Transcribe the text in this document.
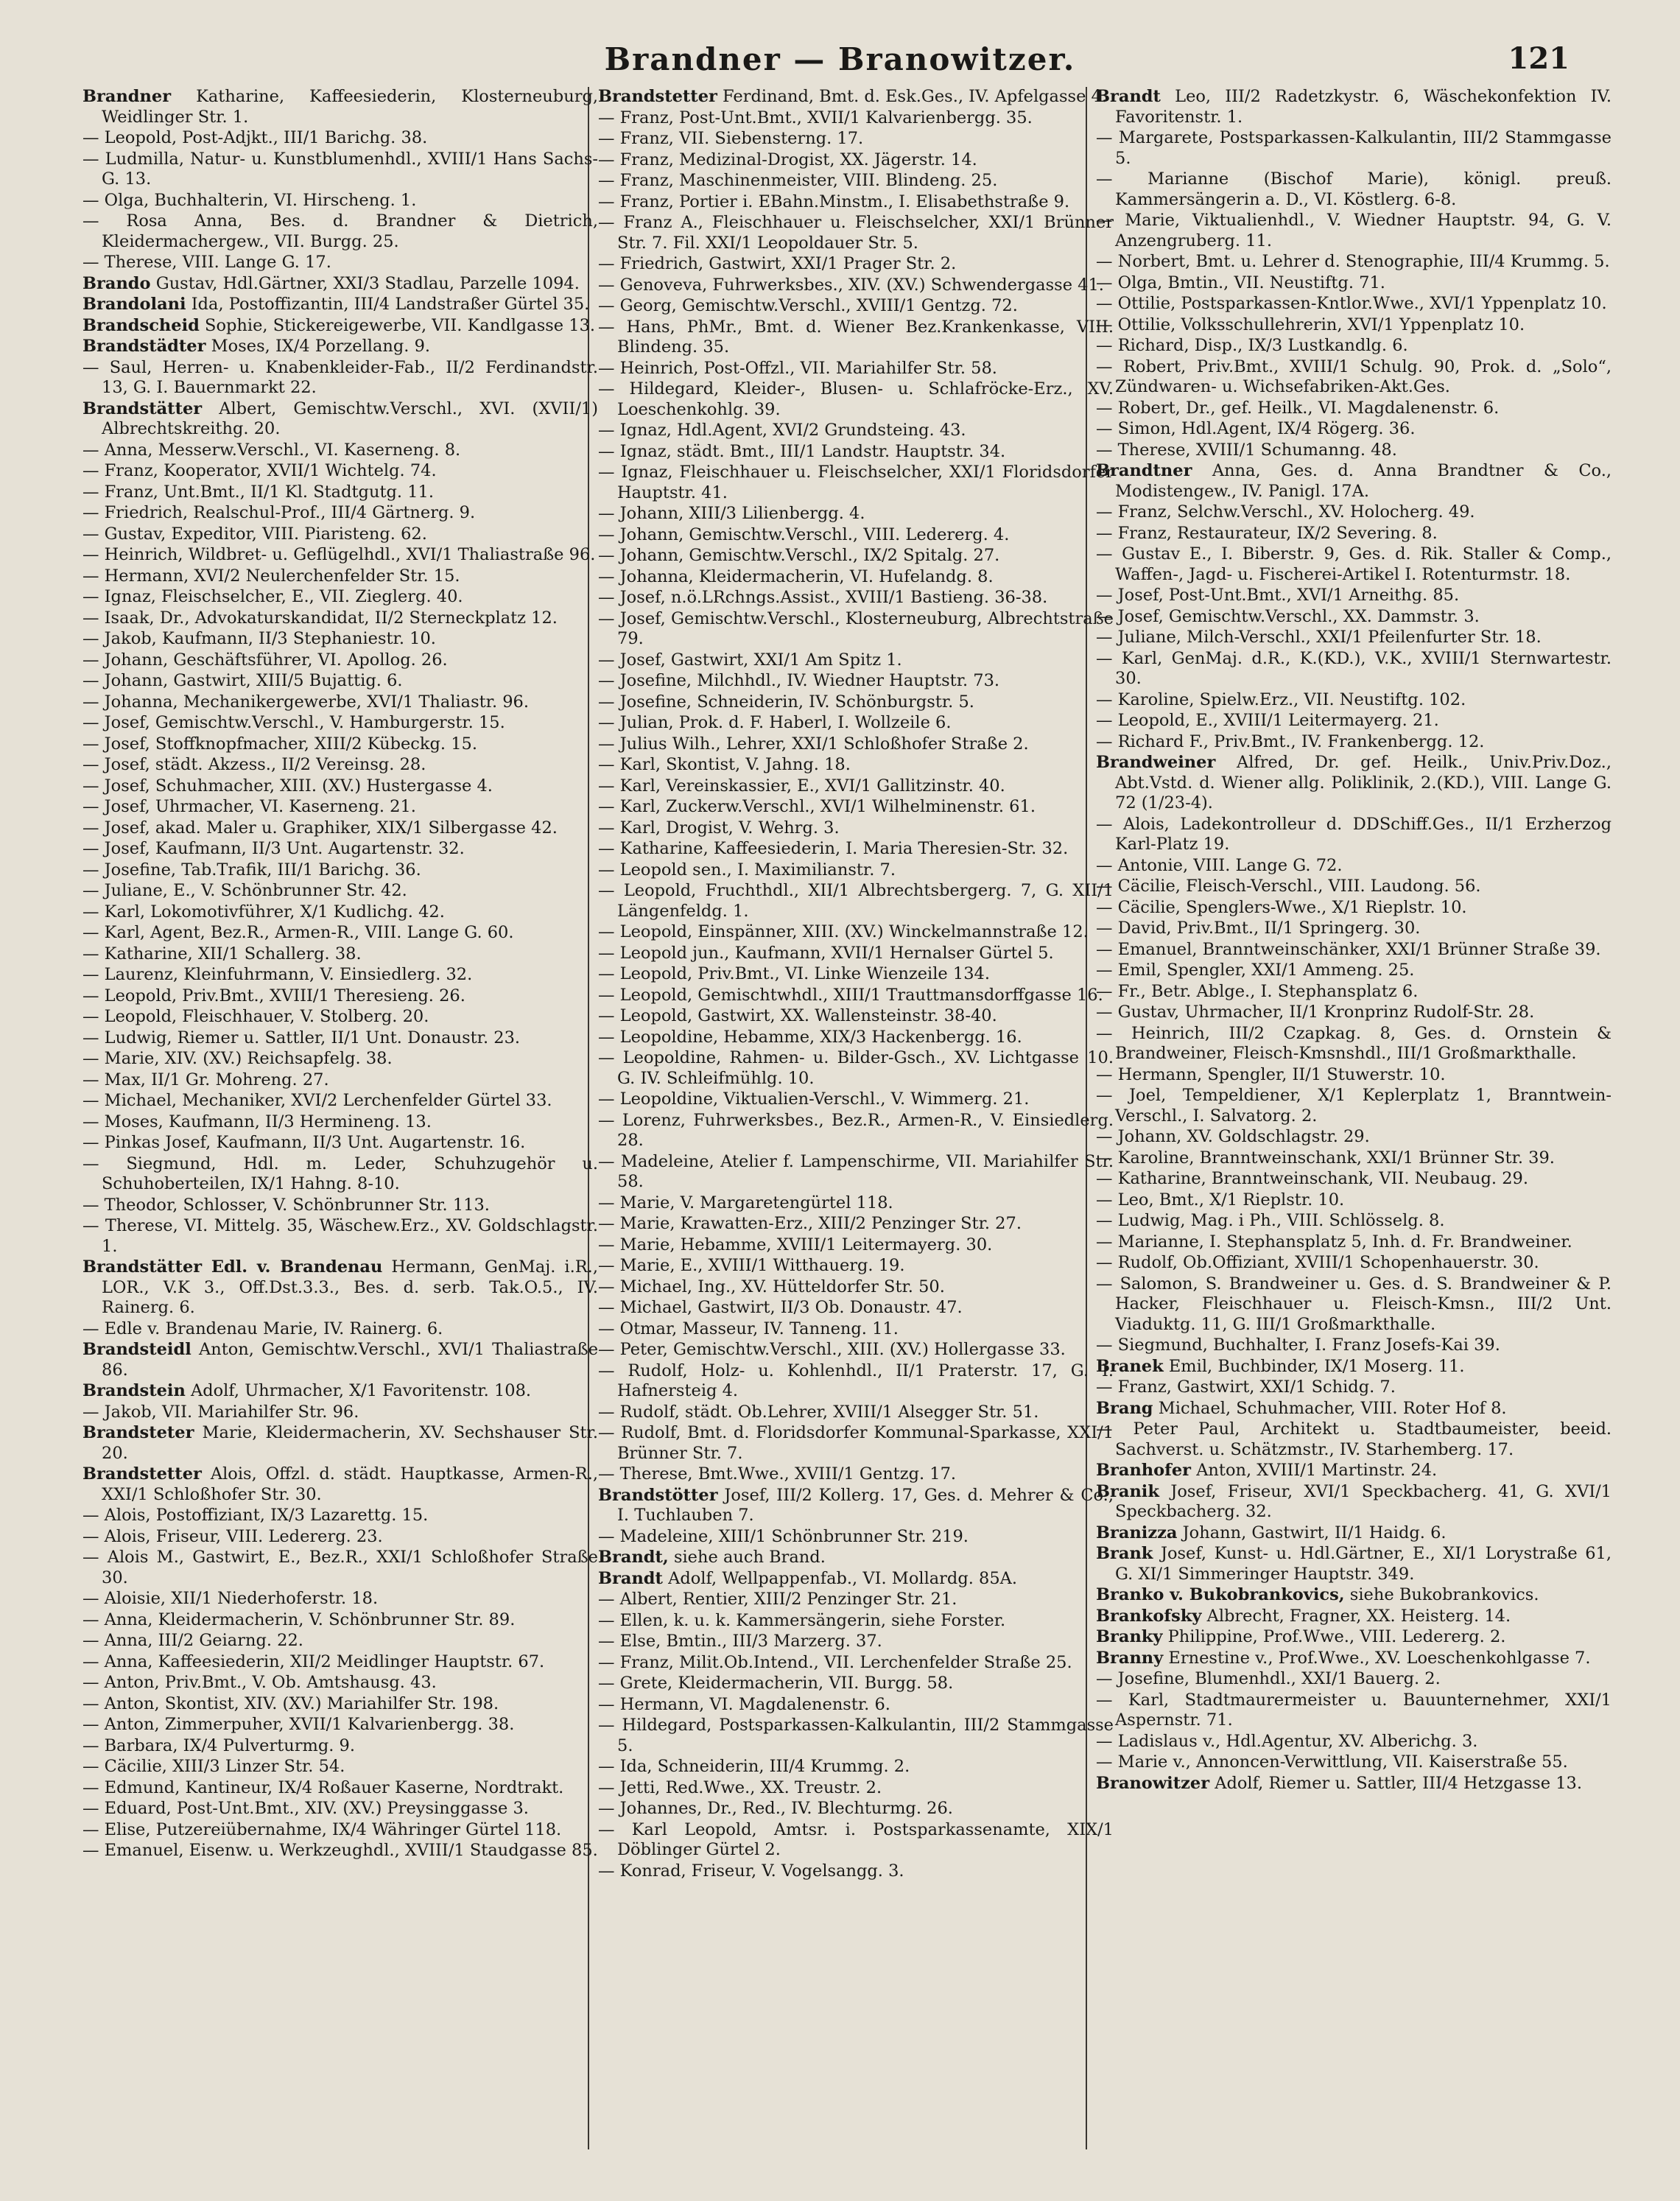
Brandner — Branowitzer.	121
Brandner Katharine, Kaffeesiederin, Klosterneuburg, Weidlinger Str. 1.
— Leopold, Post-Adjkt., III/1 Barichg. 38.
— Ludmilla, Natur- u. Kunstblumenhdl., XVIII/1 Hans Sachs-G. 13.
— Olga, Buchhalterin, VI. Hirscheng. 1.
— Rosa Anna, Bes. d. Brandner & Dietrich, Kleidermachergew., VII. Burgg. 25.
— Therese, VIII. Lange G. 17.
Brando Gustav, Hdl.Gärtner, XXI/3 Stadlau, Parzelle 1094.
Brandolani Ida, Postoffizantin, III/4 Landstraßer Gürtel 35.
Brandscheid Sophie, Stickereigewerbe, VII. Kandlgasse 13.
Brandstädter Moses, IX/4 Porzellang. 9.
— Saul, Herren- u. Knabenkleider-Fab., II/2 Ferdinandstr. 13, G. I. Bauernmarkt 22.
Brandstätter Albert, Gemischtw.Verschl., XVI. (XVII/1) Albrechtskreithg. 20.
— Anna, Messerw.Verschl., VI. Kaserneng. 8.
— Franz, Kooperator, XVII/1 Wichtelg. 74.
— Franz, Unt.Bmt., II/1 Kl. Stadtgutg. 11.
— Friedrich, Realschul-Prof., III/4 Gärtnerg. 9.
— Gustav, Expeditor, VIII. Piaristeng. 62.
— Heinrich, Wildbret- u. Geflügelhdl., XVI/1 Thaliastraße 96.
— Hermann, XVI/2 Neulerchenfelder Str. 15.
— Ignaz, Fleischselcher, E., VII. Zieglerg. 40.
— Isaak, Dr., Advokaturskandidat, II/2 Sterneckplatz 12.
— Jakob, Kaufmann, II/3 Stephaniestr. 10.
— Johann, Geschäftsführer, VI. Apollog. 26.
— Johann, Gastwirt, XIII/5 Bujattig. 6.
— Johanna, Mechanikergewerbe, XVI/1 Thaliastr. 96.
— Josef, Gemischtw.Verschl., V. Hamburgerstr. 15.
— Josef, Stoffknopfmacher, XIII/2 Kübeckg. 15.
— Josef, städt. Akzess., II/2 Vereinsg. 28.
— Josef, Schuhmacher, XIII. (XV.) Hustergasse 4.
— Josef, Uhrmacher, VI. Kaserneng. 21.
— Josef, akad. Maler u. Graphiker, XIX/1 Silbergasse 42.
— Josef, Kaufmann, II/3 Unt. Augartenstr. 32.
— Josefine, Tab.Trafik, III/1 Barichg. 36.
— Juliane, E., V. Schönbrunner Str. 42.
— Karl, Lokomotivführer, X/1 Kudlichg. 42.
— Karl, Agent, Bez.R., Armen-R., VIII. Lange G. 60.
— Katharine, XII/1 Schallerg. 38.
— Laurenz, Kleinfuhrmann, V. Einsiedlerg. 32.
— Leopold, Priv.Bmt., XVIII/1 Theresieng. 26.
— Leopold, Fleischhauer, V. Stolberg. 20.
— Ludwig, Riemer u. Sattler, II/1 Unt. Donaustr. 23.
— Marie, XIV. (XV.) Reichsapfelg. 38.
— Max, II/1 Gr. Mohreng. 27.
— Michael, Mechaniker, XVI/2 Lerchenfelder Gürtel 33.
— Moses, Kaufmann, II/3 Hermineng. 13.
— Pinkas Josef, Kaufmann, II/3 Unt. Augartenstr. 16.
— Siegmund, Hdl. m. Leder, Schuhzugehör u. Schuhoberteilen, IX/1 Hahng. 8-10.
— Theodor, Schlosser, V. Schönbrunner Str. 113.
— Therese, VI. Mittelg. 35, Wäschew.Erz., XV. Goldschlagstr. 1.
Brandstätter Edl. v. Brandenau Hermann, GenMaj. i.R., LOR., V.K 3., Off.Dst.3.3., Bes. d. serb. Tak.O.5., IV. Rainerg. 6.
— Edle v. Brandenau Marie, IV. Rainerg. 6.
Brandsteidl Anton, Gemischtw.Verschl., XVI/1 Thaliastraße 86.
Brandstein Adolf, Uhrmacher, X/1 Favoritenstr. 108.
— Jakob, VII. Mariahilfer Str. 96.
Brandsteter Marie, Kleidermacherin, XV. Sechshauser Str. 20.
Brandstetter Alois, Offzl. d. städt. Hauptkasse, Armen-R., XXI/1 Schloßhofer Str. 30.
— Alois, Postoffiziant, IX/3 Lazarettg. 15.
— Alois, Friseur, VIII. Ledererg. 23.
— Alois M., Gastwirt, E., Bez.R., XXI/1 Schloßhofer Straße 30.
— Aloisie, XII/1 Niederhoferstr. 18.
— Anna, Kleidermacherin, V. Schönbrunner Str. 89.
— Anna, III/2 Geiarng. 22.
— Anna, Kaffeesiederin, XII/2 Meidlinger Hauptstr. 67.
— Anton, Priv.Bmt., V. Ob. Amtshausg. 43.
— Anton, Skontist, XIV. (XV.) Mariahilfer Str. 198.
— Anton, Zimmerpuher, XVII/1 Kalvarienbergg. 38.
— Barbara, IX/4 Pulverturmg. 9.
— Cäcilie, XIII/3 Linzer Str. 54.
— Edmund, Kantineur, IX/4 Roßauer Kaserne, Nordtrakt.
— Eduard, Post-Unt.Bmt., XIV. (XV.) Preysinggasse 3.
— Elise, Putzereiübernahme, IX/4 Währinger Gürtel 118.
— Emanuel, Eisenw. u. Werkzeughdl., XVIII/1 Staudgasse 85.
Brandstetter Ferdinand, Bmt. d. Esk.Ges., IV. Apfelgasse 4.
— Franz, Post-Unt.Bmt., XVII/1 Kalvarienbergg. 35.
— Franz, VII. Siebensterng. 17.
— Franz, Medizinal-Drogist, XX. Jägerstr. 14.
— Franz, Maschinenmeister, VIII. Blindeng. 25.
— Franz, Portier i. EBahn.Minstm., I. Elisabethstraße 9.
— Franz A., Fleischhauer u. Fleischselcher, XXI/1 Brünner Str. 7. Fil. XXI/1 Leopoldauer Str. 5.
— Friedrich, Gastwirt, XXI/1 Prager Str. 2.
— Genoveva, Fuhrwerksbes., XIV. (XV.) Schwendergasse 41.
— Georg, Gemischtw.Verschl., XVIII/1 Gentzg. 72.
— Hans, PhMr., Bmt. d. Wiener Bez.Krankenkasse, VIII. Blindeng. 35.
— Heinrich, Post-Offzl., VII. Mariahilfer Str. 58.
— Hildegard, Kleider-, Blusen- u. Schlafröcke-Erz., XV. Loeschenkohlg. 39.
— Ignaz, Hdl.Agent, XVI/2 Grundsteing. 43.
— Ignaz, städt. Bmt., III/1 Landstr. Hauptstr. 34.
— Ignaz, Fleischhauer u. Fleischselcher, XXI/1 Floridsdorfer Hauptstr. 41.
— Johann, XIII/3 Lilienbergg. 4.
— Johann, Gemischtw.Verschl., VIII. Ledererg. 4.
— Johann, Gemischtw.Verschl., IX/2 Spitalg. 27.
— Johanna, Kleidermacherin, VI. Hufelandg. 8.
— Josef, n.ö.LRchngs.Assist., XVIII/1 Bastieng. 36-38.
— Josef, Gemischtw.Verschl., Klosterneuburg, Albrechtstraße 79.
— Josef, Gastwirt, XXI/1 Am Spitz 1.
— Josefine, Milchhdl., IV. Wiedner Hauptstr. 73.
— Josefine, Schneiderin, IV. Schönburgstr. 5.
— Julian, Prok. d. F. Haberl, I. Wollzeile 6.
— Julius Wilh., Lehrer, XXI/1 Schloßhofer Straße 2.
— Karl, Skontist, V. Jahng. 18.
— Karl, Vereinskassier, E., XVI/1 Gallitzinstr. 40.
— Karl, Zuckerw.Verschl., XVI/1 Wilhelminenstr. 61.
— Karl, Drogist, V. Wehrg. 3.
— Katharine, Kaffeesiederin, I. Maria Theresien-Str. 32.
— Leopold sen., I. Maximilianstr. 7.
— Leopold, Fruchthdl., XII/1 Albrechtsbergerg. 7, G. XII/1 Längenfeldg. 1.
— Leopold, Einspänner, XIII. (XV.) Winckelmannstraße 12.
— Leopold jun., Kaufmann, XVII/1 Hernalser Gürtel 5.
— Leopold, Priv.Bmt., VI. Linke Wienzeile 134.
— Leopold, Gemischtwhdl., XIII/1 Trauttmansdorffgasse 16.
— Leopold, Gastwirt, XX. Wallensteinstr. 38-40.
— Leopoldine, Hebamme, XIX/3 Hackenbergg. 16.
— Leopoldine, Rahmen- u. Bilder-Gsch., XV. Lichtgasse 10. G. IV. Schleifmühlg. 10.
— Leopoldine, Viktualien-Verschl., V. Wimmerg. 21.
— Lorenz, Fuhrwerksbes., Bez.R., Armen-R., V. Einsiedlerg. 28.
— Madeleine, Atelier f. Lampenschirme, VII. Mariahilfer Str. 58.
— Marie, V. Margaretengürtel 118.
— Marie, Krawatten-Erz., XIII/2 Penzinger Str. 27.
— Marie, Hebamme, XVIII/1 Leitermayerg. 30.
— Marie, E., XVIII/1 Witthauerg. 19.
— Michael, Ing., XV. Hütteldorfer Str. 50.
— Michael, Gastwirt, II/3 Ob. Donaustr. 47.
— Otmar, Masseur, IV. Tanneng. 11.
— Peter, Gemischtw.Verschl., XIII. (XV.) Hollergasse 33.
— Rudolf, Holz- u. Kohlenhdl., II/1 Praterstr. 17, G. I. Hafnersteig 4.
— Rudolf, städt. Ob.Lehrer, XVIII/1 Alsegger Str. 51.
— Rudolf, Bmt. d. Floridsdorfer Kommunal-Sparkasse, XXI/1 Brünner Str. 7.
— Therese, Bmt.Wwe., XVIII/1 Gentzg. 17.
Brandstötter Josef, III/2 Kollerg. 17, Ges. d. Mehrer & Co., I. Tuchlauben 7.
— Madeleine, XIII/1 Schönbrunner Str. 219.
Brandt, siehe auch Brand.
Brandt Adolf, Wellpappenfab., VI. Mollardg. 85A.
— Albert, Rentier, XIII/2 Penzinger Str. 21.
— Ellen, k. u. k. Kammersängerin, siehe Forster.
— Else, Bmtin., III/3 Marzerg. 37.
— Franz, Milit.Ob.Intend., VII. Lerchenfelder Straße 25.
— Grete, Kleidermacherin, VII. Burgg. 58.
— Hermann, VI. Magdalenenstr. 6.
— Hildegard, Postsparkassen-Kalkulantin, III/2 Stammgasse 5.
— Ida, Schneiderin, III/4 Krummg. 2.
— Jetti, Red.Wwe., XX. Treustr. 2.
— Johannes, Dr., Red., IV. Blechturmg. 26.
— Karl Leopold, Amtsr. i. Postsparkassenamte, XIX/1 Döblinger Gürtel 2.
— Konrad, Friseur, V. Vogelsangg. 3.
Brandt Leo, III/2 Radetzkystr. 6, Wäschekonfektion IV. Favoritenstr. 1.
— Margarete, Postsparkassen-Kalkulantin, III/2 Stammgasse 5.
— Marianne (Bischof Marie), königl. preuß. Kammersängerin a. D., VI. Köstlerg. 6-8.
— Marie, Viktualienhdl., V. Wiedner Hauptstr. 94, G. V. Anzengruberg. 11.
— Norbert, Bmt. u. Lehrer d. Stenographie, III/4 Krummg. 5.
— Olga, Bmtin., VII. Neustiftg. 71.
— Ottilie, Postsparkassen-Kntlor.Wwe., XVI/1 Yppenplatz 10.
— Ottilie, Volksschullehrerin, XVI/1 Yppenplatz 10.
— Richard, Disp., IX/3 Lustkandlg. 6.
— Robert, Priv.Bmt., XVIII/1 Schulg. 90, Prok. d. „Solo“, Zündwaren- u. Wichsefabriken-Akt.Ges.
— Robert, Dr., gef. Heilk., VI. Magdalenenstr. 6.
— Simon, Hdl.Agent, IX/4 Rögerg. 36.
— Therese, XVIII/1 Schumanng. 48.
Brandtner Anna, Ges. d. Anna Brandtner & Co., Modistengew., IV. Panigl. 17A.
— Franz, Selchw.Verschl., XV. Holocherg. 49.
— Franz, Restaurateur, IX/2 Severing. 8.
— Gustav E., I. Biberstr. 9, Ges. d. Rik. Staller & Comp., Waffen-, Jagd- u. Fischerei-Artikel I. Rotenturmstr. 18.
— Josef, Post-Unt.Bmt., XVI/1 Arneithg. 85.
— Josef, Gemischtw.Verschl., XX. Dammstr. 3.
— Juliane, Milch-Verschl., XXI/1 Pfeilenfurter Str. 18.
— Karl, GenMaj. d.R., K.(KD.), V.K., XVIII/1 Sternwartestr. 30.
— Karoline, Spielw.Erz., VII. Neustiftg. 102.
— Leopold, E., XVIII/1 Leitermayerg. 21.
— Richard F., Priv.Bmt., IV. Frankenbergg. 12.
Brandweiner Alfred, Dr. gef. Heilk., Univ.Priv.Doz., Abt.Vstd. d. Wiener allg. Poliklinik, 2.(KD.), VIII. Lange G. 72 (1/23-4).
— Alois, Ladekontrolleur d. DDSchiff.Ges., II/1 Erzherzog Karl-Platz 19.
— Antonie, VIII. Lange G. 72.
— Cäcilie, Fleisch-Verschl., VIII. Laudong. 56.
— Cäcilie, Spenglers-Wwe., X/1 Rieplstr. 10.
— David, Priv.Bmt., II/1 Springerg. 30.
— Emanuel, Branntweinschänker, XXI/1 Brünner Straße 39.
— Emil, Spengler, XXI/1 Ammeng. 25.
— Fr., Betr. Ablge., I. Stephansplatz 6.
— Gustav, Uhrmacher, II/1 Kronprinz Rudolf-Str. 28.
— Heinrich, III/2 Czapkag. 8, Ges. d. Ornstein & Brandweiner, Fleisch-Kmsnshdl., III/1 Großmarkthalle.
— Hermann, Spengler, II/1 Stuwerstr. 10.
— Joel, Tempeldiener, X/1 Keplerplatz 1, Branntwein-Verschl., I. Salvatorg. 2.
— Johann, XV. Goldschlagstr. 29.
— Karoline, Branntweinschank, XXI/1 Brünner Str. 39.
— Katharine, Branntweinschank, VII. Neubaug. 29.
— Leo, Bmt., X/1 Rieplstr. 10.
— Ludwig, Mag. i Ph., VIII. Schlösselg. 8.
— Marianne, I. Stephansplatz 5, Inh. d. Fr. Brandweiner.
— Rudolf, Ob.Offiziant, XVIII/1 Schopenhauerstr. 30.
— Salomon, S. Brandweiner u. Ges. d. S. Brandweiner & P. Hacker, Fleischhauer u. Fleisch-Kmsn., III/2 Unt. Viaduktg. 11, G. III/1 Großmarkthalle.
— Siegmund, Buchhalter, I. Franz Josefs-Kai 39.
Branek Emil, Buchbinder, IX/1 Moserg. 11.
— Franz, Gastwirt, XXI/1 Schidg. 7.
Brang Michael, Schuhmacher, VIII. Roter Hof 8.
— Peter Paul, Architekt u. Stadtbaumeister, beeid. Sachverst. u. Schätzmstr., IV. Starhemberg. 17.
Branhofer Anton, XVIII/1 Martinstr. 24.
Branik Josef, Friseur, XVI/1 Speckbacherg. 41, G. XVI/1 Speckbacherg. 32.
Branizza Johann, Gastwirt, II/1 Haidg. 6.
Brank Josef, Kunst- u. Hdl.Gärtner, E., XI/1 Lorystraße 61, G. XI/1 Simmeringer Hauptstr. 349.
Branko v. Bukobrankovics, siehe Bukobrankovics.
Brankofsky Albrecht, Fragner, XX. Heisterg. 14.
Branky Philippine, Prof.Wwe., VIII. Ledererg. 2.
Branny Ernestine v., Prof.Wwe., XV. Loeschenkohlgasse 7.
— Josefine, Blumenhdl., XXI/1 Bauerg. 2.
— Karl, Stadtmaurermeister u. Bauunternehmer, XXI/1 Aspernstr. 71.
— Ladislaus v., Hdl.Agentur, XV. Alberichg. 3.
— Marie v., Annoncen-Verwittlung, VII. Kaiserstraße 55.
Branowitzer Adolf, Riemer u. Sattler, III/4 Hetzgasse 13.
